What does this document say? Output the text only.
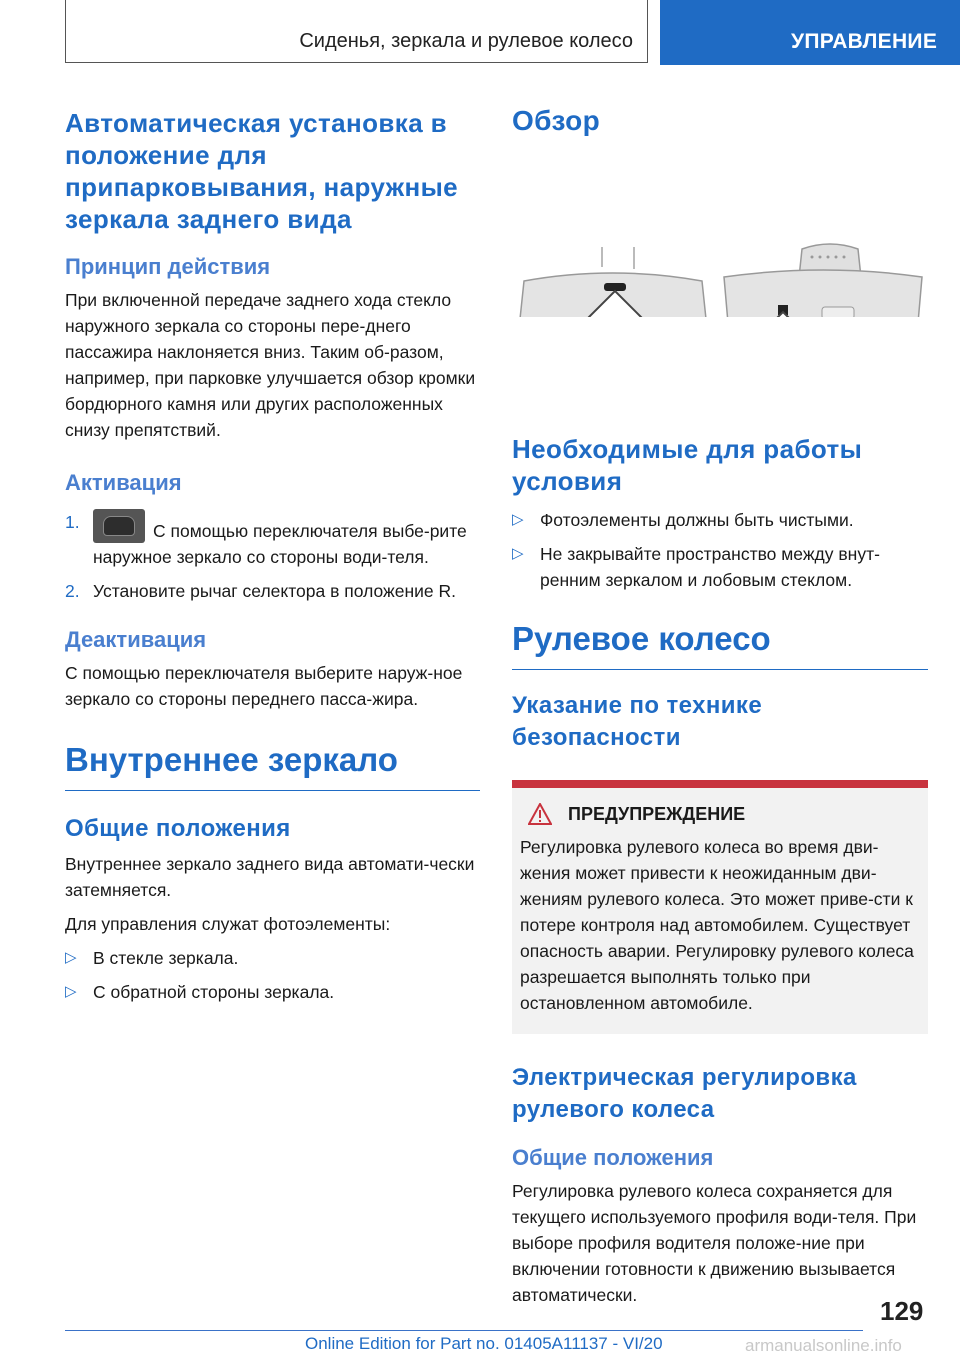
Сиденья, зеркала и рулевое колесо	УПРАВЛЕНИЕ
Автоматическая установка в положение для припарковывания, наружные зеркала заднего вида
Принцип действия

При включенной передаче заднего хода стекло наружного зеркала со стороны пере-днего пассажира наклоняется вниз. Таким об-разом, например, при парковке улучшается обзор кромки бордюрного камня или других расположенных снизу препятствий.

Активация
1.	С помощью переключателя выбе-рите наружное зеркало со стороны води-теля.
2. Установите рычаг селектора в положение R.
Деактивация

С помощью переключателя выберите наруж-ное зеркало со стороны переднего пасса-жира.

Внутреннее зеркало
Общие положения

Внутреннее зеркало заднего вида автомати-чески затемняется.

Для управления служат фотоэлементы:

▷ В стекле зеркала.
▷ С обратной стороны зеркала.
Обзор
Необходимые для работы условия
▷ Фотоэлементы должны быть чистыми.
▷ Не закрывайте пространство между внут-ренним зеркалом и лобовым стеклом.
Рулевое колесо
Указание по технике безопасности
ПРЕДУПРЕЖДЕНИЕ

Регулировка рулевого колеса во время дви-жения может привести к неожиданным дви-жениям рулевого колеса. Это может приве-сти к потере контроля над автомобилем. Существует опасность аварии. Регулировку рулевого колеса разрешается выполнять только при остановленном автомобиле.

Электрическая регулировка рулевого колеса
Общие положения

Регулировка рулевого колеса сохраняется для текущего используемого профиля води-теля. При выборе профиля водителя положе-ние при включении готовности к движению вызывается автоматически.

129
Online Edition for Part no. 01405A11137 - VI/20	armanualsonline.info
